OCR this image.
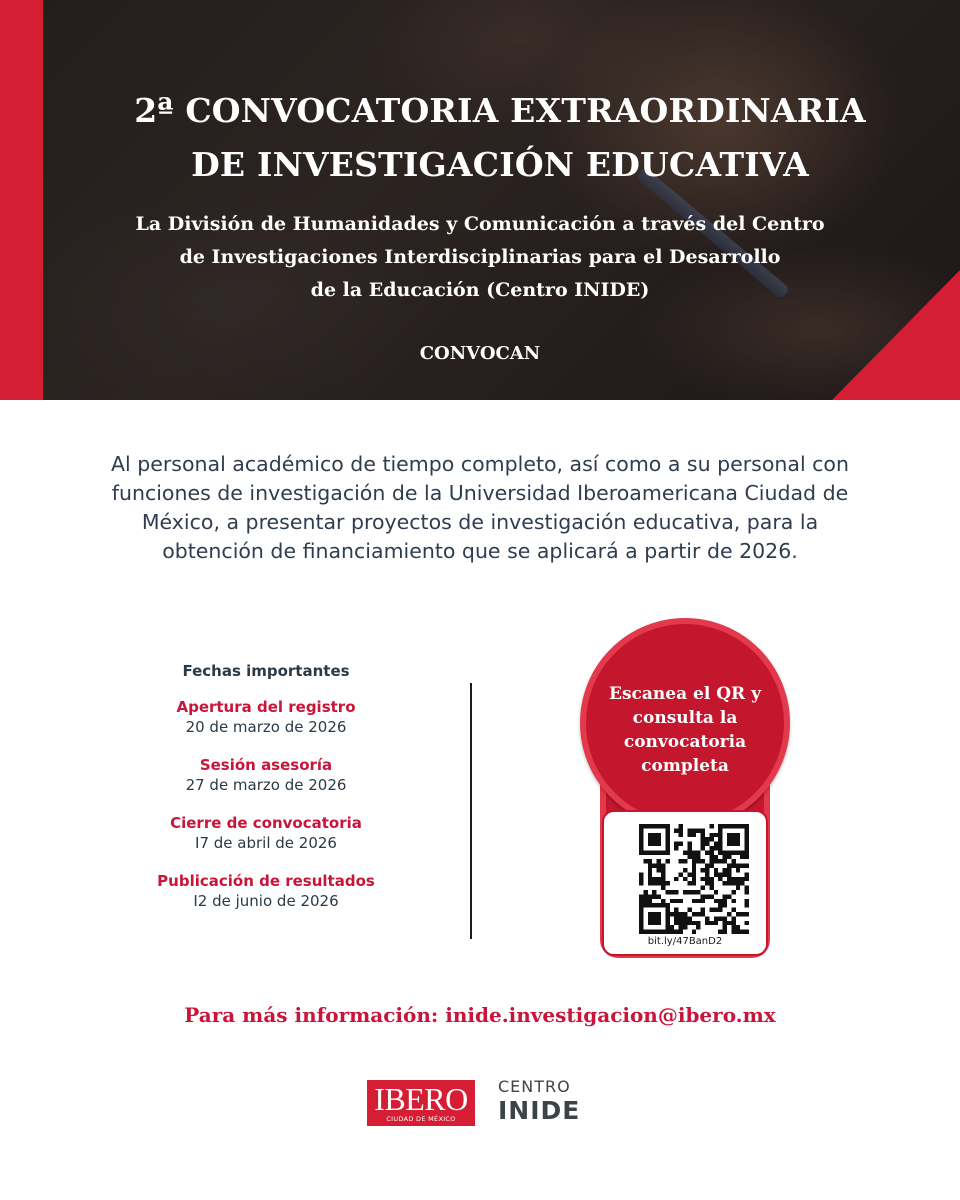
2ª CONVOCATORIA EXTRAORDINARIA
DE INVESTIGACIÓN EDUCATIVA
La División de Humanidades y Comunicación a través del Centro
de Investigaciones Interdisciplinarias para el Desarrollo
de la Educación (Centro INIDE)
CONVOCAN

Al personal académico de tiempo completo, así como a su personal con
funciones de investigación de la Universidad Iberoamericana Ciudad de
México, a presentar proyectos de investigación educativa, para la
obtención de financiamiento que se aplicará a partir de 2026.

Fechas importantes
Apertura del registro
20 de marzo de 2026
Sesión asesoría
27 de marzo de 2026
Cierre de convocatoria
I7 de abril de 2026
Publicación de resultados
I2 de junio de 2026
Escanea el QR y
consulta la
convocatoria
completa
bit.ly/47BanD2
Para más información: inide.investigacion@ibero.mx
IBERO
CIUDAD DE MÉXICO
CENTRO
INIDE
